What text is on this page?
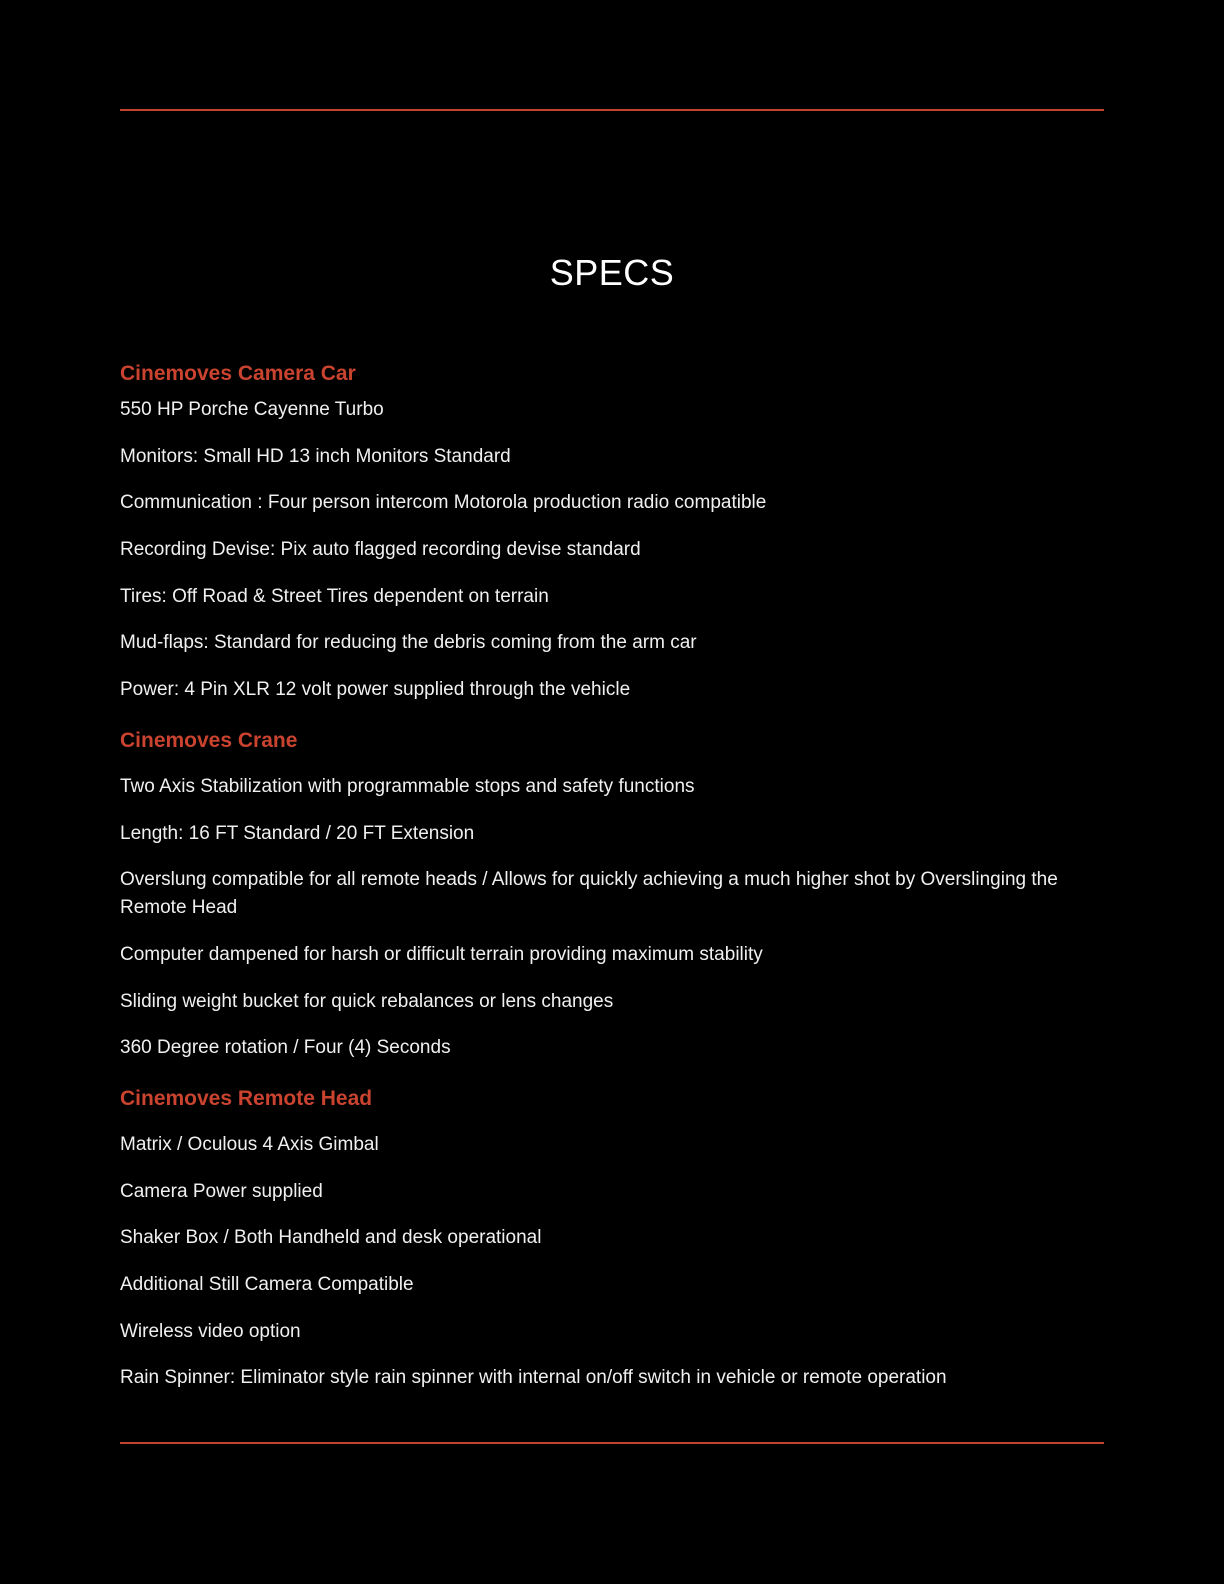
SPECS
Cinemoves Camera Car

550 HP Porche Cayenne Turbo

Monitors: Small HD 13 inch Monitors Standard

Communication : Four person intercom Motorola production radio compatible

Recording Devise: Pix auto flagged recording devise standard

Tires: Off Road & Street Tires dependent on terrain

Mud-flaps: Standard for reducing the debris coming from the arm car

Power: 4 Pin XLR 12 volt power supplied through the vehicle

Cinemoves Crane

Two Axis Stabilization with programmable stops and safety functions

Length: 16 FT Standard / 20 FT Extension

Overslung compatible for all remote heads / Allows for quickly achieving a much higher shot by Overslinging the Remote Head

Computer dampened for harsh or difficult terrain providing maximum stability

Sliding weight bucket for quick rebalances or lens changes

360 Degree rotation / Four (4) Seconds

Cinemoves Remote Head

Matrix / Oculous 4 Axis Gimbal

Camera Power supplied

Shaker Box / Both Handheld and desk operational

Additional Still Camera Compatible

Wireless video option

Rain Spinner: Eliminator style rain spinner with internal on/off switch in vehicle or remote operation
